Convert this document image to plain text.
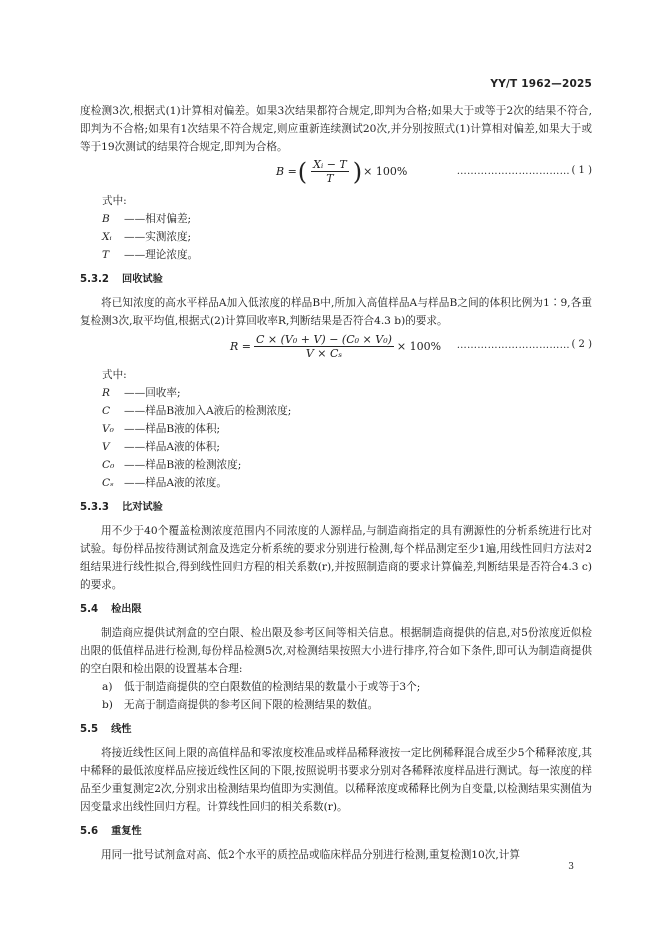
YY/T 1962—2025

度检测3次,根据式(1)计算相对偏差。如果3次结果都符合规定,即判为合格;如果大于或等于2次的结果不符合,即判为不合格;如果有1次结果不符合规定,则应重新连续测试20次,并分别按照式(1)计算相对偏差,如果大于或等于19次测试的结果符合规定,即判为合格。

B = ( $\frac{\text{Xᵢ − T}}{T}$ ) × 100%	…………………………… ( 1 )
式中:
B ——相对偏差;
Xᵢ ——实测浓度;
T ——理论浓度。
5.3.2 回收试验

将已知浓度的高水平样品A加入低浓度的样品B中,所加入高值样品A与样品B之间的体积比例为1∶9,各重复检测3次,取平均值,根据式(2)计算回收率R,判断结果是否符合4.3 b)的要求。

$R = \frac{\text{C × (V₀ + V) − (C₀ × V₀)}}{\text{V × Cₛ}} \times 100\%$ …………………………… ( 2 )
式中:
R ——回收率;
C ——样品B液加入A液后的检测浓度;
V₀ ——样品B液的体积;
V ——样品A液的体积;
C₀ ——样品B液的检测浓度;
Cₛ ——样品A液的浓度。
5.3.3 比对试验

用不少于40个覆盖检测浓度范围内不同浓度的人源样品,与制造商指定的具有溯源性的分析系统进行比对试验。每份样品按待测试剂盒及选定分析系统的要求分别进行检测,每个样品测定至少1遍,用线性回归方法对2组结果进行线性拟合,得到线性回归方程的相关系数(r),并按照制造商的要求计算偏差,判断结果是否符合4.3 c)的要求。

5.4 检出限

制造商应提供试剂盒的空白限、检出限及参考区间等相关信息。根据制造商提供的信息,对5份浓度近似检出限的低值样品进行检测,每份样品检测5次,对检测结果按照大小进行排序,符合如下条件,即可认为制造商提供的空白限和检出限的设置基本合理:

a)	低于制造商提供的空白限数值的检测结果的数量小于或等于3个;
b)	无高于制造商提供的参考区间下限的检测结果的数值。
5.5 线性

将接近线性区间上限的高值样品和零浓度校准品或样品稀释液按一定比例稀释混合成至少5个稀释浓度,其中稀释的最低浓度样品应接近线性区间的下限,按照说明书要求分别对各稀释浓度样品进行测试。每一浓度的样品至少重复测定2次,分别求出检测结果均值即为实测值。以稀释浓度或稀释比例为自变量,以检测结果实测值为因变量求出线性回归方程。计算线性回归的相关系数(r)。

5.6 重复性

用同一批号试剂盒对高、低2个水平的质控品或临床样品分别进行检测,重复检测10次,计算

3
